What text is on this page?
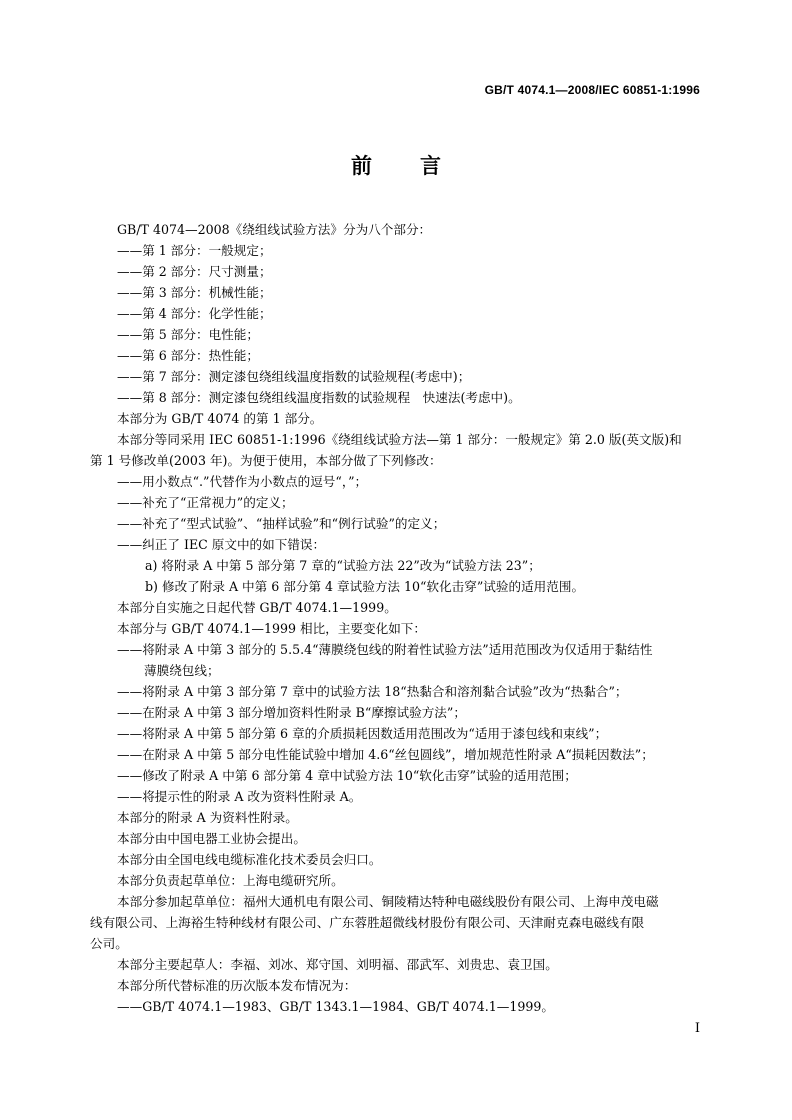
GB/T 4074.1—2008/IEC 60851-1:1996
前 言
GB/T 4074—2008《绕组线试验方法》分为八个部分：
——第 1 部分：一般规定；
——第 2 部分：尺寸测量；
——第 3 部分：机械性能；
——第 4 部分：化学性能；
——第 5 部分：电性能；
——第 6 部分：热性能；
——第 7 部分：测定漆包绕组线温度指数的试验规程(考虑中)；
——第 8 部分：测定漆包绕组线温度指数的试验规程　快速法(考虑中)。
本部分为 GB/T 4074 的第 1 部分。
本部分等同采用 IEC 60851-1:1996《绕组线试验方法—第 1 部分：一般规定》第 2.0 版(英文版)和
第 1 号修改单(2003 年)。为便于使用，本部分做了下列修改：
——用小数点“.”代替作为小数点的逗号“，”；
——补充了“正常视力”的定义；
——补充了“型式试验”、“抽样试验”和“例行试验”的定义；
——纠正了 IEC 原文中的如下错误：
a) 将附录 A 中第 5 部分第 7 章的“试验方法 22”改为“试验方法 23”；
b) 修改了附录 A 中第 6 部分第 4 章试验方法 10“软化击穿”试验的适用范围。
本部分自实施之日起代替 GB/T 4074.1—1999。
本部分与 GB/T 4074.1—1999 相比，主要变化如下：
——将附录 A 中第 3 部分的 5.5.4“薄膜绕包线的附着性试验方法”适用范围改为仅适用于黏结性
薄膜绕包线；
——将附录 A 中第 3 部分第 7 章中的试验方法 18“热黏合和溶剂黏合试验”改为“热黏合”；
——在附录 A 中第 3 部分增加资料性附录 B“摩擦试验方法”；
——将附录 A 中第 5 部分第 6 章的介质损耗因数适用范围改为“适用于漆包线和束线”；
——在附录 A 中第 5 部分电性能试验中增加 4.6“丝包圆线”，增加规范性附录 A“损耗因数法”；
——修改了附录 A 中第 6 部分第 4 章中试验方法 10“软化击穿”试验的适用范围；
——将提示性的附录 A 改为资料性附录 A。
本部分的附录 A 为资料性附录。
本部分由中国电器工业协会提出。
本部分由全国电线电缆标准化技术委员会归口。
本部分负责起草单位：上海电缆研究所。
本部分参加起草单位：福州大通机电有限公司、铜陵精达特种电磁线股份有限公司、上海申茂电磁
线有限公司、上海裕生特种线材有限公司、广东蓉胜超微线材股份有限公司、天津耐克森电磁线有限
公司。
本部分主要起草人：李福、刘冰、郑守国、刘明福、邵武军、刘贵忠、袁卫国。
本部分所代替标准的历次版本发布情况为：
——GB/T 4074.1—1983、GB/T 1343.1—1984、GB/T 4074.1—1999。
I
